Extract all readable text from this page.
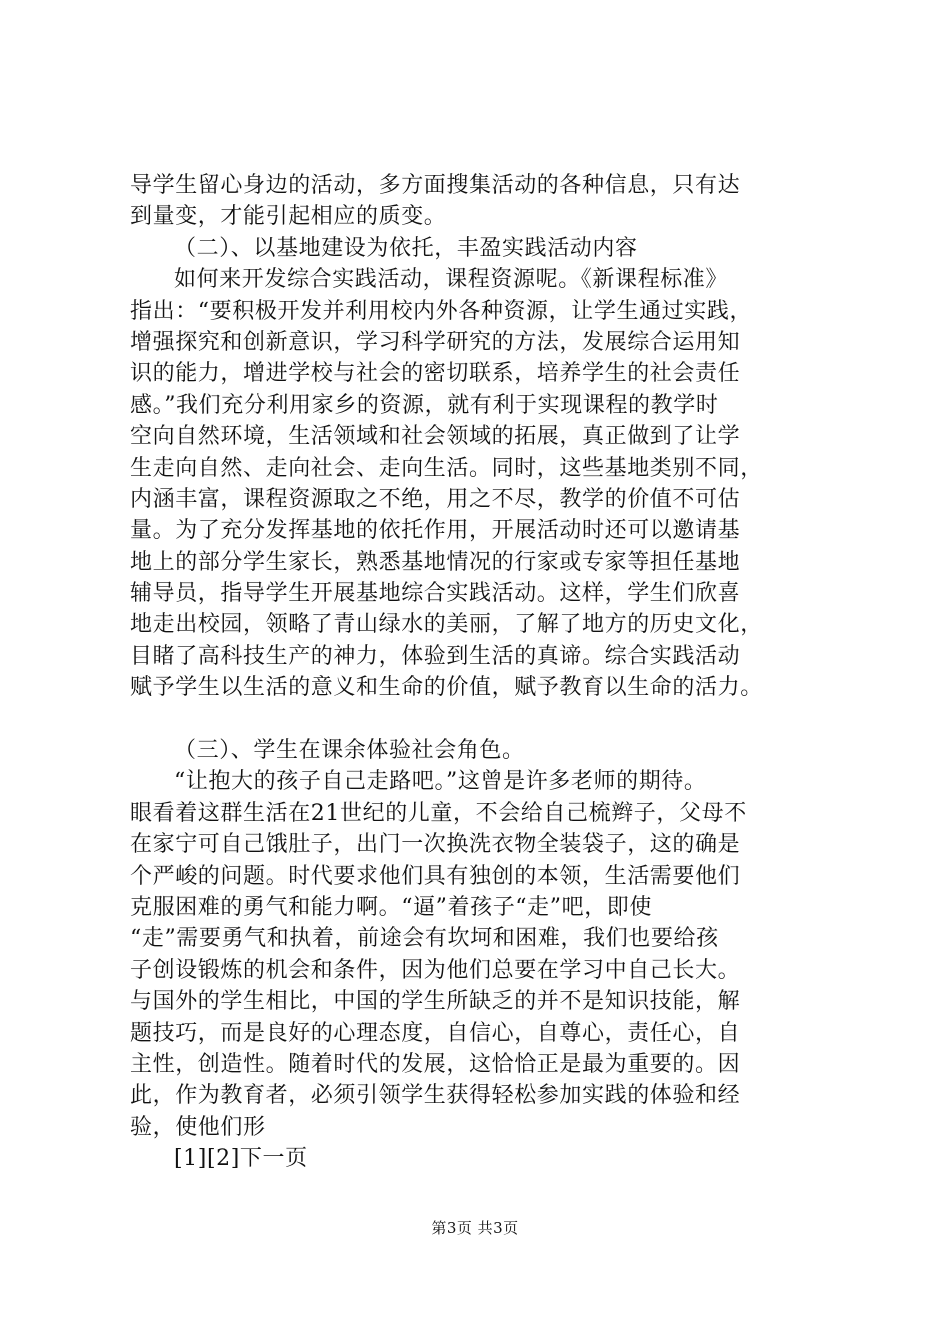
导学生留心身边的活动，多方面搜集活动的各种信息，只有达
到量变，才能引起相应的质变。
（二）、以基地建设为依托，丰盈实践活动内容
如何来开发综合实践活动，课程资源呢。《新课程标准》
指出：“要积极开发并利用校内外各种资源，让学生通过实践，
增强探究和创新意识，学习科学研究的方法，发展综合运用知
识的能力，增进学校与社会的密切联系，培养学生的社会责任
感。”我们充分利用家乡的资源，就有利于实现课程的教学时
空向自然环境，生活领域和社会领域的拓展，真正做到了让学
生走向自然、走向社会、走向生活。同时，这些基地类别不同，
内涵丰富，课程资源取之不绝，用之不尽，教学的价值不可估
量。为了充分发挥基地的依托作用，开展活动时还可以邀请基
地上的部分学生家长，熟悉基地情况的行家或专家等担任基地
辅导员，指导学生开展基地综合实践活动。这样，学生们欣喜
地走出校园，领略了青山绿水的美丽，了解了地方的历史文化，
目睹了高科技生产的神力，体验到生活的真谛。综合实践活动
赋予学生以生活的意义和生命的价值，赋予教育以生命的活力。
（三）、学生在课余体验社会角色。
“让抱大的孩子自己走路吧。”这曾是许多老师的期待。
眼看着这群生活在21世纪的儿童，不会给自己梳辫子，父母不
在家宁可自己饿肚子，出门一次换洗衣物全装袋子，这的确是
个严峻的问题。时代要求他们具有独创的本领，生活需要他们
克服困难的勇气和能力啊。“逼”着孩子“走”吧，即使
“走”需要勇气和执着，前途会有坎坷和困难，我们也要给孩
子创设锻炼的机会和条件，因为他们总要在学习中自己长大。
与国外的学生相比，中国的学生所缺乏的并不是知识技能，解
题技巧，而是良好的心理态度，自信心，自尊心，责任心，自
主性，创造性。随着时代的发展，这恰恰正是最为重要的。因
此，作为教育者，必须引领学生获得轻松参加实践的体验和经
验，使他们形
[1][2]下一页
第3页 共3页
